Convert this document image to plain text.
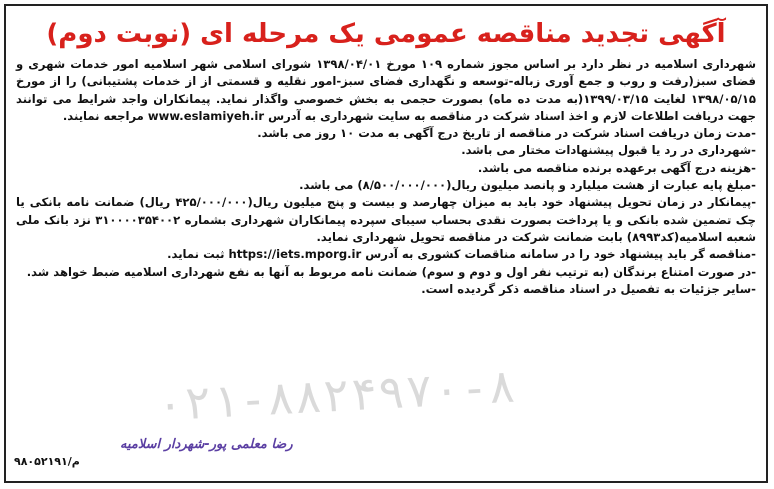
آگهی تجدید مناقصه عمومی یک مرحله ای (نوبت دوم)

شهرداری اسلامیه در نظر دارد بر اساس مجوز شماره ۱۰۹ مورخ ۱۳۹۸/۰۴/۰۱ شورای اسلامی شهر اسلامیه امور خدمات شهری و فضای سبز(رفت و روب و جمع آوری زباله-توسعه و نگهداری فضای سبز-امور نقلیه و قسمتی از از خدمات پشتیبانی) را از مورخ ۱۳۹۸/۰۵/۱۵ لغایت ۱۳۹۹/۰۳/۱۵(به مدت ده ماه) بصورت حجمی به بخش خصوصی واگذار نماید. پیمانکاران واجد شرایط می توانند جهت دریافت اطلاعات لازم و اخذ اسناد شرکت در مناقصه به سایت شهرداری به آدرس www.eslamiyeh.ir مراجعه نمایند.

-مدت زمان دریافت اسناد شرکت در مناقصه از تاریخ درج آگهی به مدت ۱۰ روز می باشد.

-شهرداری در رد یا قبول پیشنهادات مختار می باشد.

-هزینه درج آگهی برعهده برنده مناقصه می باشد.

-مبلغ پایه عبارت از هشت میلیارد و پانصد میلیون ریال(۸/۵۰۰/۰۰۰/۰۰۰) می باشد.

-پیمانکار در زمان تحویل پیشنهاد خود باید به میزان چهارصد و بیست و پنج میلیون ریال(۴۲۵/۰۰۰/۰۰۰ ریال) ضمانت نامه بانکی یا چک تضمین شده بانکی و یا پرداخت بصورت نقدی بحساب سیبای سپرده پیمانکاران شهرداری بشماره ۳۱۰۰۰۰۳۵۴۰۰۲ نزد بانک ملی شعبه اسلامیه(کد۸۹۹۳) بابت ضمانت شرکت در مناقصه تحویل شهرداری نماید.

-مناقصه گر باید پیشنهاد خود را در سامانه مناقصات کشوری به آدرس https://iets.mporg.ir ثبت نماید.

-در صورت امتناع برندگان (به ترتیب نفر اول و دوم و سوم) ضمانت نامه مربوط به آنها به نفع شهرداری اسلامیه ضبط خواهد شد.

-سایر جزئیات به تفصیل در اسناد مناقصه ذکر گردیده است.

۰۲۱-۸۸۲۴۹۷۰-۸
رضا معلمی پور-شهردار اسلامیه
م/۹۸۰۵۲۱۹۱
